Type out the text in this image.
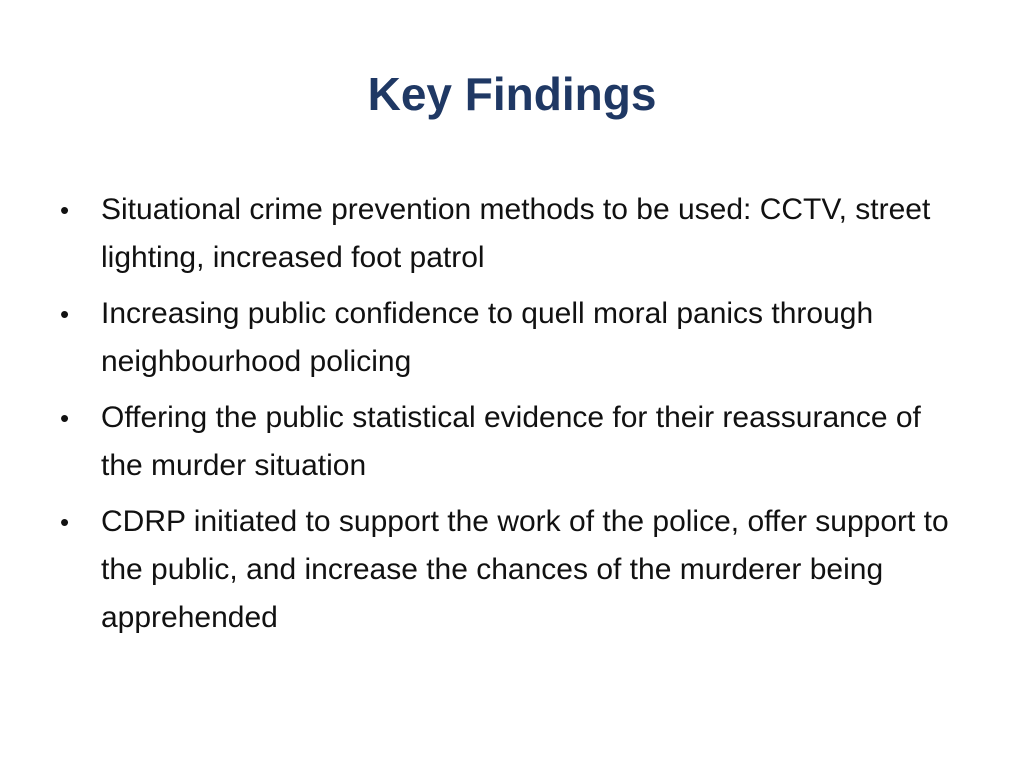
Key Findings
• Situational crime prevention methods to be used: CCTV, street lighting, increased foot patrol
• Increasing public confidence to quell moral panics through neighbourhood policing
• Offering the public statistical evidence for their reassurance of the murder situation
• CDRP initiated to support the work of the police, offer support to the public, and increase the chances of the murderer being apprehended
